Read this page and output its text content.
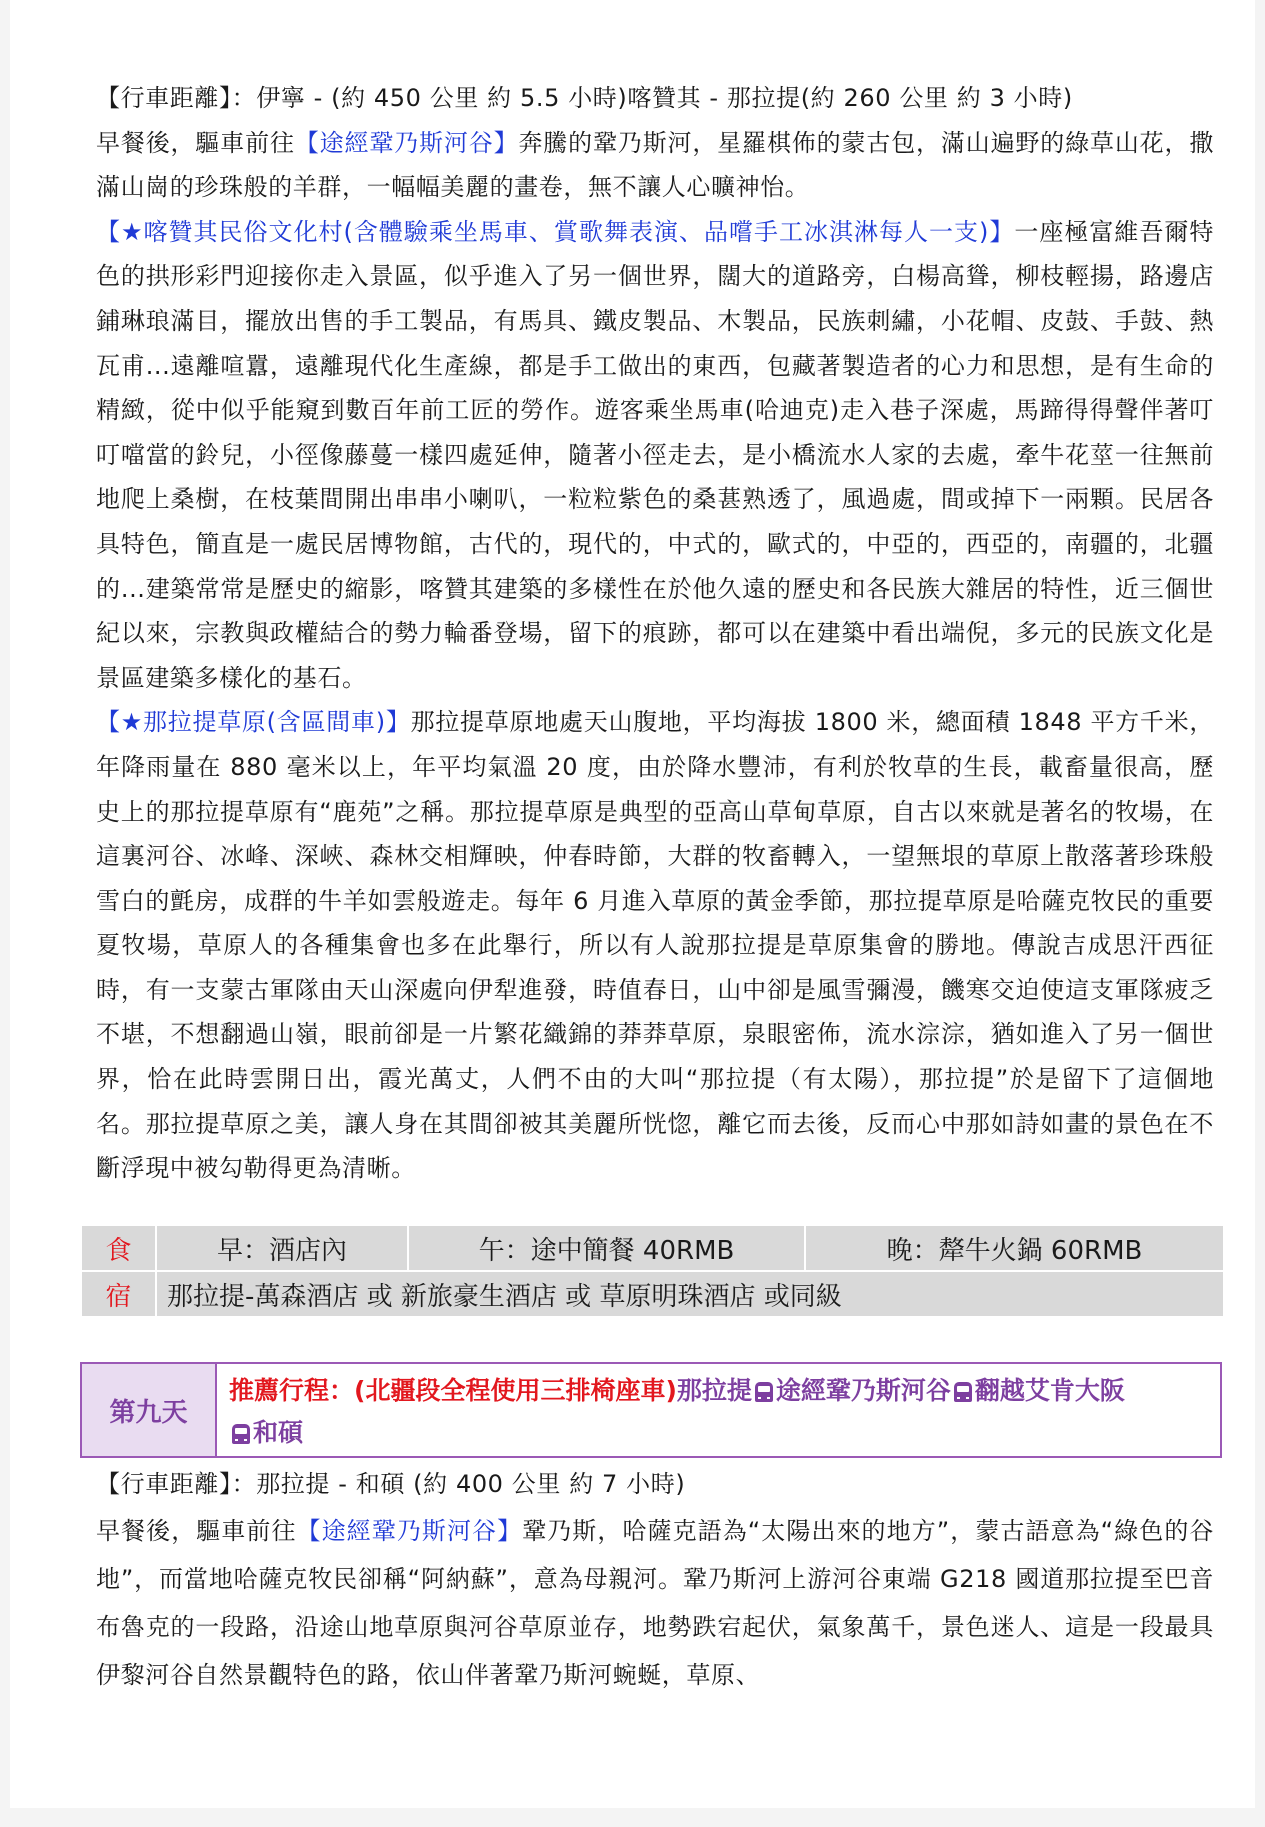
【行車距離】：伊寧 - (約 450 公里 約 5.5 小時)喀贊其 - 那拉提(約 260 公里 約 3 小時)

早餐後，驅車前往【途經鞏乃斯河谷】奔騰的鞏乃斯河，星羅棋佈的蒙古包，滿山遍野的綠草山花，撒滿山崗的珍珠般的羊群，一幅幅美麗的畫卷，無不讓人心曠神怡。

【★喀贊其民俗文化村(含體驗乘坐馬車、賞歌舞表演、品嚐手工冰淇淋每人一支)】一座極富維吾爾特色的拱形彩門迎接你走入景區，似乎進入了另一個世界，闊大的道路旁，白楊高聳，柳枝輕揚，路邊店鋪琳琅滿目，擺放出售的手工製品，有馬具、鐵皮製品、木製品，民族刺繡，小花帽、皮鼓、手鼓、熱瓦甫...遠離喧囂，遠離現代化生產線，都是手工做出的東西，包藏著製造者的心力和思想，是有生命的精緻，從中似乎能窺到數百年前工匠的勞作。遊客乘坐馬車(哈迪克)走入巷子深處，馬蹄得得聲伴著叮叮噹當的鈴兒，小徑像藤蔓一樣四處延伸，隨著小徑走去，是小橋流水人家的去處，牽牛花莖一往無前地爬上桑樹，在枝葉間開出串串小喇叭，一粒粒紫色的桑葚熟透了，風過處，間或掉下一兩顆。民居各具特色，簡直是一處民居博物館，古代的，現代的，中式的，歐式的，中亞的，西亞的，南疆的，北疆的...建築常常是歷史的縮影，喀贊其建築的多樣性在於他久遠的歷史和各民族大雜居的特性，近三個世紀以來，宗教與政權結合的勢力輪番登場，留下的痕跡，都可以在建築中看出端倪，多元的民族文化是景區建築多樣化的基石。

【★那拉提草原(含區間車)】那拉提草原地處天山腹地，平均海拔 1800 米，總面積 1848 平方千米，年降雨量在 880 毫米以上，年平均氣溫 20 度，由於降水豐沛，有利於牧草的生長，載畜量很高，歷史上的那拉提草原有“鹿苑”之稱。那拉提草原是典型的亞高山草甸草原，自古以來就是著名的牧場，在這裏河谷、冰峰、深峽、森林交相輝映，仲春時節，大群的牧畜轉入，一望無垠的草原上散落著珍珠般雪白的氈房，成群的牛羊如雲般遊走。每年 6 月進入草原的黃金季節，那拉提草原是哈薩克牧民的重要夏牧場，草原人的各種集會也多在此舉行，所以有人說那拉提是草原集會的勝地。傳說吉成思汗西征時，有一支蒙古軍隊由天山深處向伊犁進發，時值春日，山中卻是風雪彌漫，饑寒交迫使這支軍隊疲乏不堪，不想翻過山嶺，眼前卻是一片繁花織錦的莽莽草原，泉眼密佈，流水淙淙，猶如進入了另一個世界，恰在此時雲開日出，霞光萬丈，人們不由的大叫“那拉提（有太陽），那拉提”於是留下了這個地名。那拉提草原之美，讓人身在其間卻被其美麗所恍惚，離它而去後，反而心中那如詩如畫的景色在不斷浮現中被勾勒得更為清晰。

食	早：酒店內	午：途中簡餐 40RMB	晚：犛牛火鍋 60RMB
宿	那拉提-萬森酒店 或 新旅豪生酒店 或 草原明珠酒店 或同級		
第九天
推薦行程：(北疆段全程使用三排椅座車)那拉提 途經鞏乃斯河谷 翻越艾肯大阪
和碩

【行車距離】：那拉提 - 和碩 (約 400 公里 約 7 小時)

早餐後，驅車前往【途經鞏乃斯河谷】鞏乃斯，哈薩克語為“太陽出來的地方”，蒙古語意為“綠色的谷地”，而當地哈薩克牧民卻稱“阿納蘇”，意為母親河。鞏乃斯河上游河谷東端 G218 國道那拉提至巴音布魯克的一段路，沿途山地草原與河谷草原並存，地勢跌宕起伏，氣象萬千，景色迷人、這是一段最具伊黎河谷自然景觀特色的路，依山伴著鞏乃斯河蜿蜒，草原、
